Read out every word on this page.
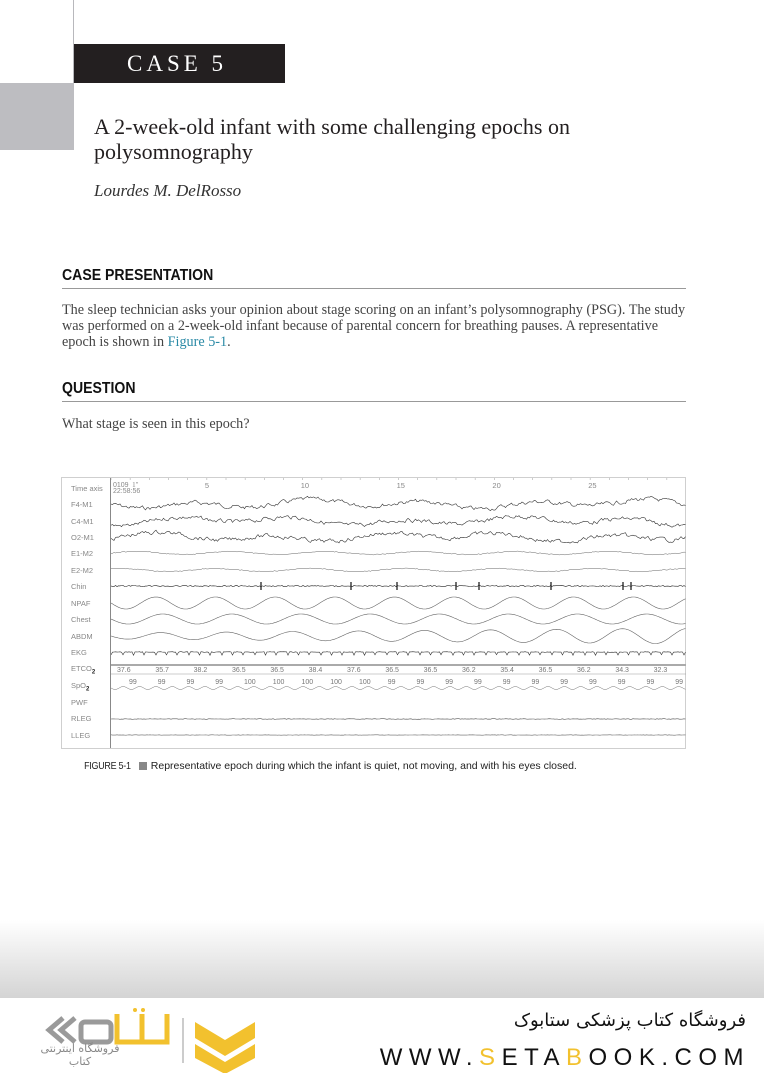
CASE 5
A 2-week-old infant with some challenging epochs on polysomnography
Lourdes M. DelRosso
CASE PRESENTATION
The sleep technician asks your opinion about stage scoring on an infant’s polysomnography (PSG). The study was performed on a 2-week-old infant because of parental concern for breathing pauses. A representative epoch is shown in Figure 5-1.
QUESTION
What stage is seen in this epoch?
Time axis
F4-M1
C4-M1
O2-M1
E1-M2
E2-M2
Chin
NPAF
Chest
ABDM
EKG
$ETCO_2$
SpO$_2$
PWF
RLEG
LLEG
0109
22:58:56
1"	5	10	15	20	25
37.6	35.7	38.2	36.5	36.5	38.4	37.6	36.5	36.5	36.2	35.4	36.5	36.2	34.3	32.3
99	99	99	99	100 100 100 100 100 99	99	99	99	99	99	99	99	99	99	99
FIGURE 5-1 Representative epoch during which the infant is quiet, not moving, and with his eyes closed.
فروشگاه اینترنتی کتاب
فروشگاه کتاب پزشکی ستابوک
WWW.SETABOOK.COM
